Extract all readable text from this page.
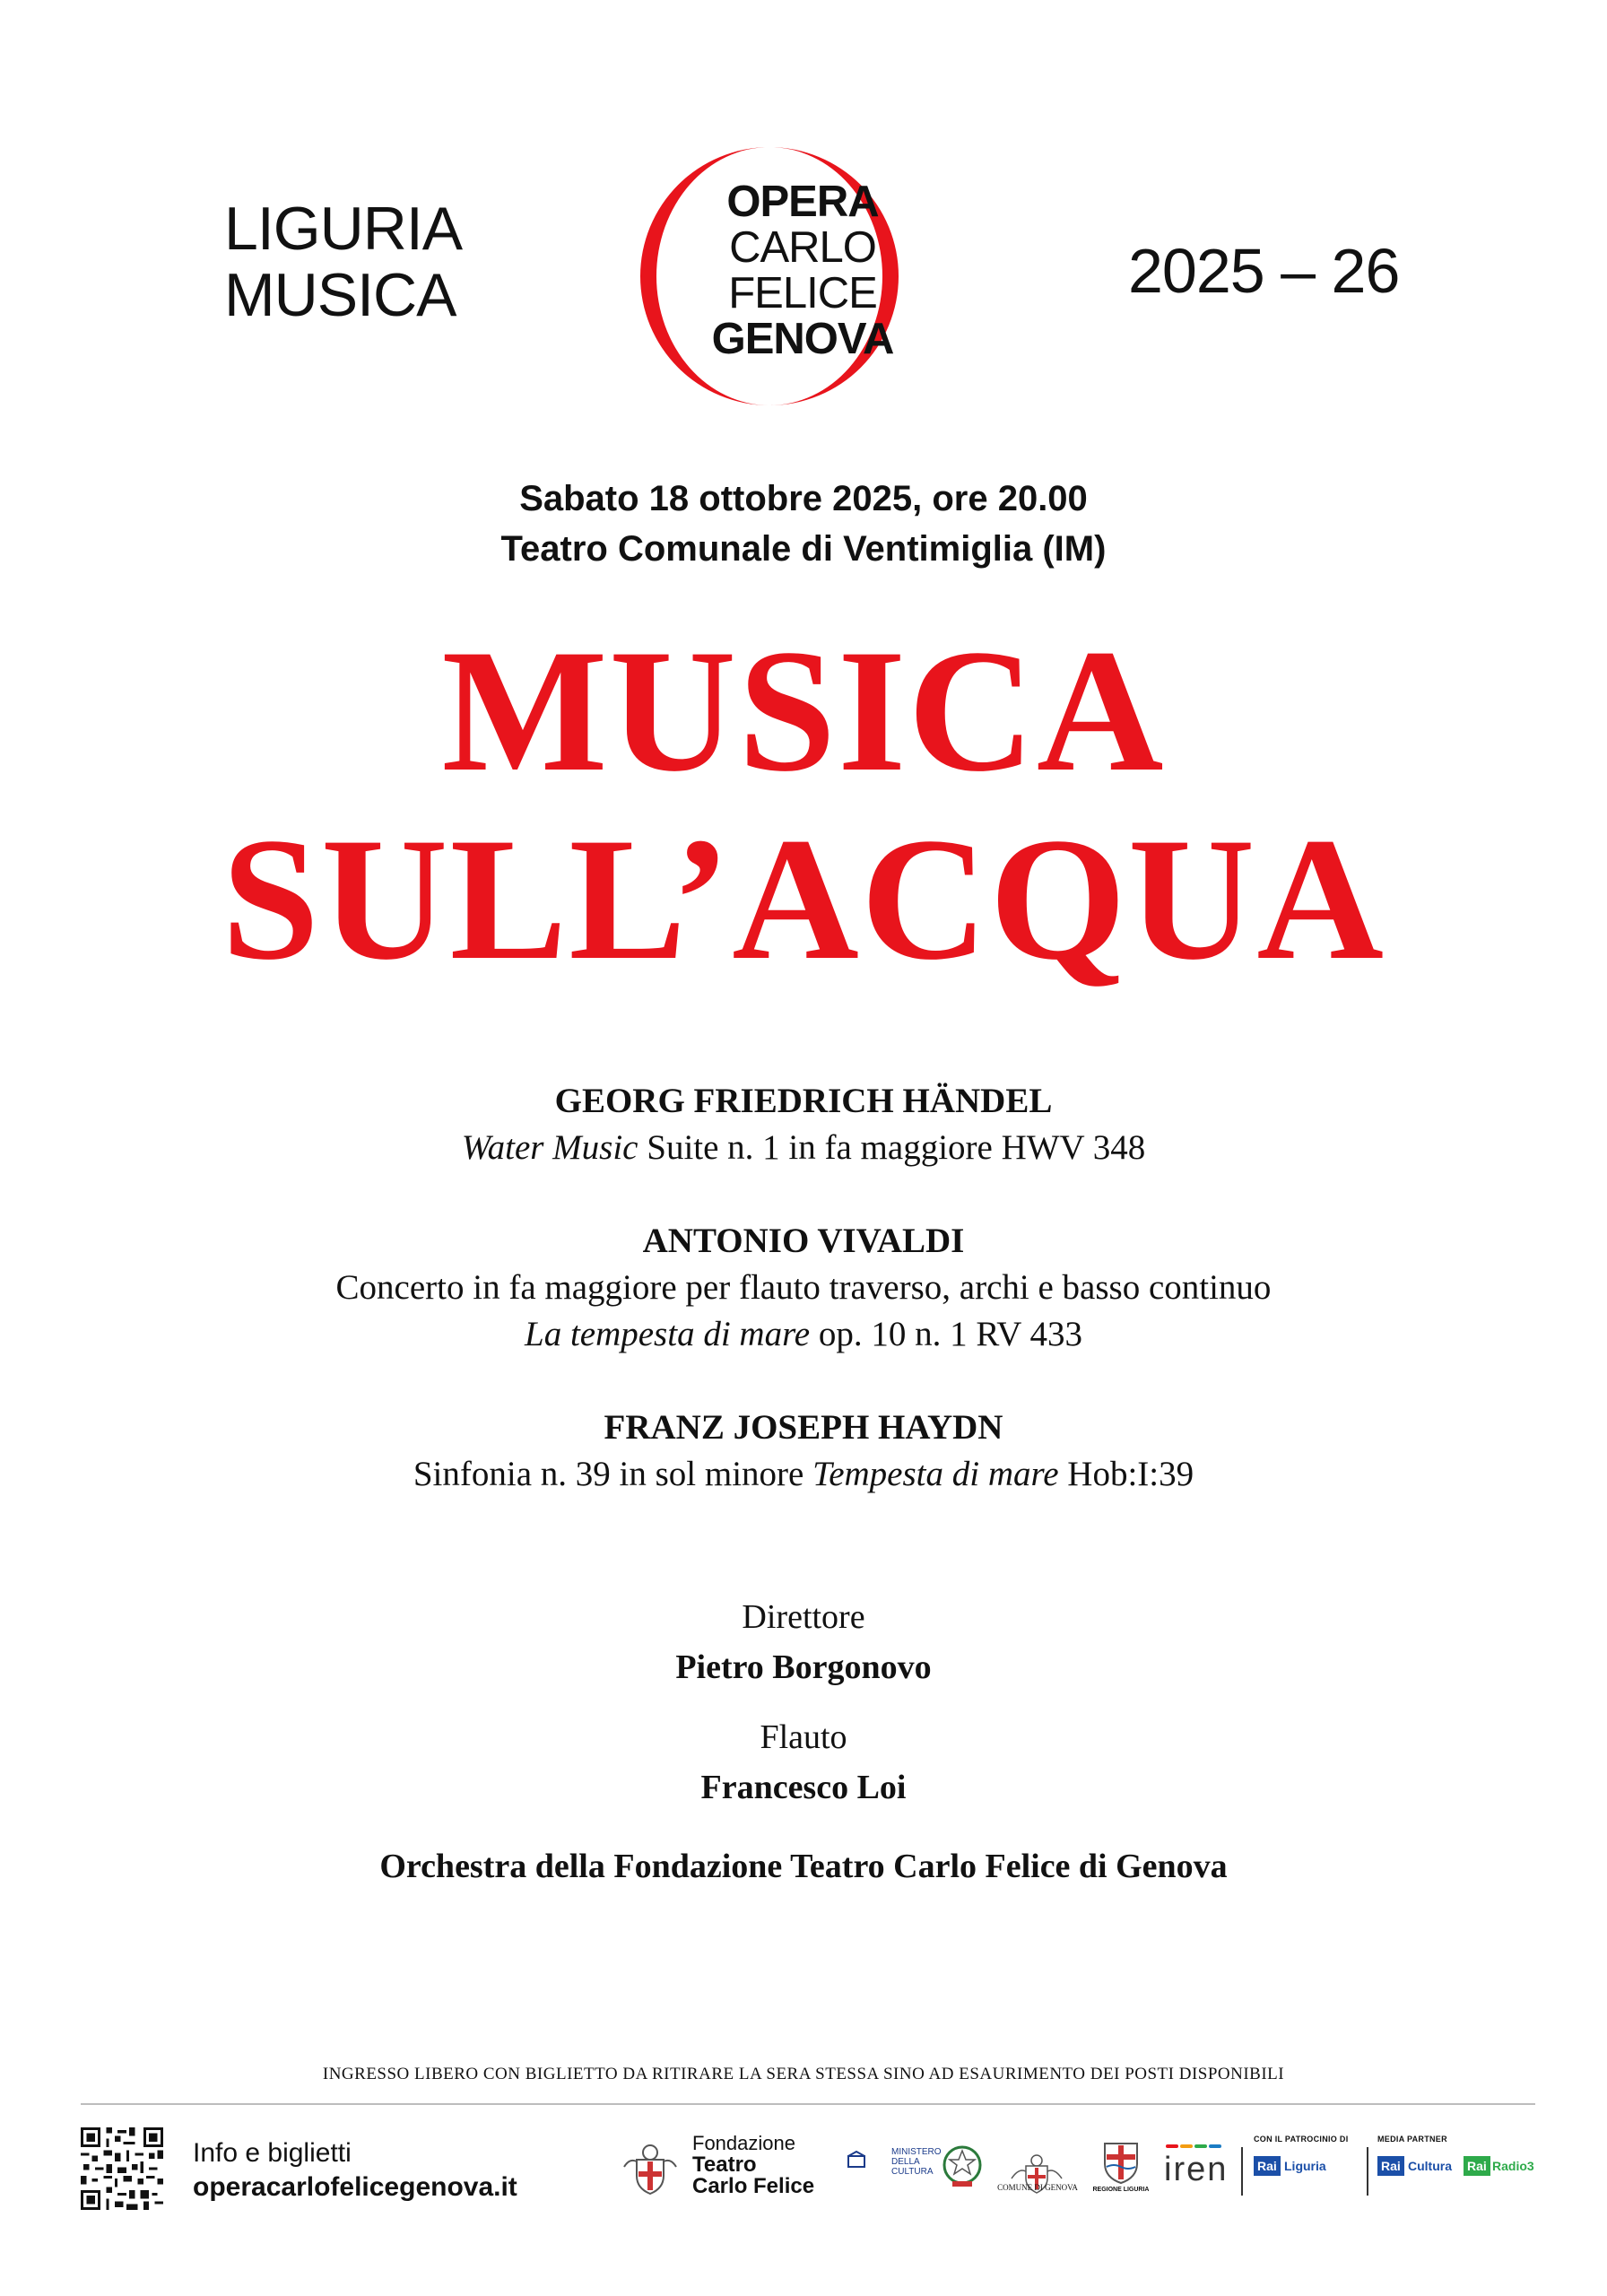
LIGURIA
MUSICA
OPERA
CARLO
FELICE
GENOVA
2025 – 26
Sabato 18 ottobre 2025, ore 20.00
Teatro Comunale di Ventimiglia (IM)
MUSICA
SULL’ACQUA
GEORG FRIEDRICH HÄNDEL
Water Music Suite n. 1 in fa maggiore HWV 348
ANTONIO VIVALDI
Concerto in fa maggiore per flauto traverso, archi e basso continuo
La tempesta di mare op. 10 n. 1 RV 433
FRANZ JOSEPH HAYDN
Sinfonia n. 39 in sol minore Tempesta di mare Hob:I:39
Direttore
Pietro Borgonovo
Flauto
Francesco Loi
Orchestra della Fondazione Teatro Carlo Felice di Genova
INGRESSO LIBERO CON BIGLIETTO DA RITIRARE LA SERA STESSA SINO AD ESAURIMENTO DEI POSTI DISPONIBILI
Info e biglietti
operacarlofelicegenova.it
Fondazione
Teatro
Carlo Felice
MINISTERO
DELLA
CULTURA
COMUNE DI GENOVA REGIONE LIGURIA
iren
CON IL PATROCINIO DI
Rai Liguria
MEDIA PARTNER
Rai Cultura Rai Radio3
